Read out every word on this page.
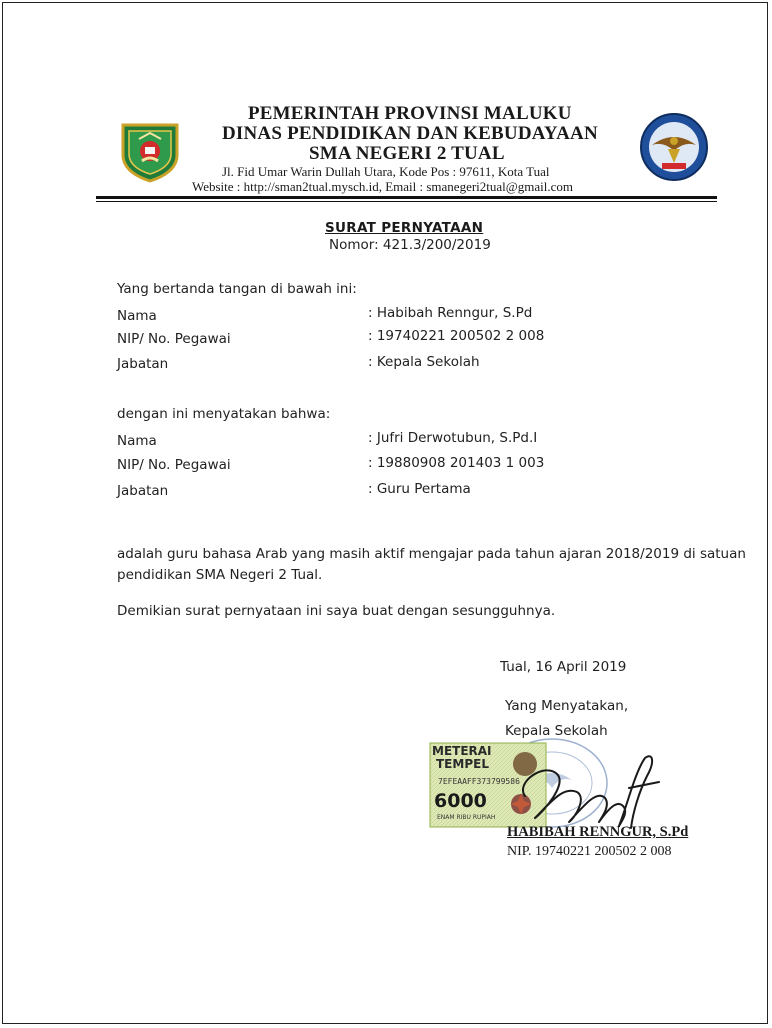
PEMERINTAH PROVINSI MALUKU
DINAS PENDIDIKAN DAN KEBUDAYAAN
SMA NEGERI 2 TUAL
Jl. Fid Umar Warin Dullah Utara, Kode Pos : 97611, Kota Tual
Website : http://sman2tual.mysch.id, Email : smanegeri2tual@gmail.com
SURAT PERNYATAAN
Nomor: 421.3/200/2019
Yang bertanda tangan di bawah ini:
Nama	: Habibah Renngur, S.Pd
NIP/ No. Pegawai	: 19740221 200502 2 008
Jabatan	: Kepala Sekolah
dengan ini menyatakan bahwa:
Nama	: Jufri Derwotubun, S.Pd.I
NIP/ No. Pegawai	: 19880908 201403 1 003
Jabatan	: Guru Pertama
adalah guru bahasa Arab yang masih aktif mengajar pada tahun ajaran 2018/2019 di satuan
pendidikan SMA Negeri 2 Tual.
Demikian surat pernyataan ini saya buat dengan sesungguhnya.
Tual, 16 April 2019
Yang Menyatakan,
Kepala Sekolah
METERAI
TEMPEL
7EFEAAFF373799586
6000
ENAM RIBU RUPIAH
HABIBAH RENNGUR, S.Pd
NIP. 19740221 200502 2 008
